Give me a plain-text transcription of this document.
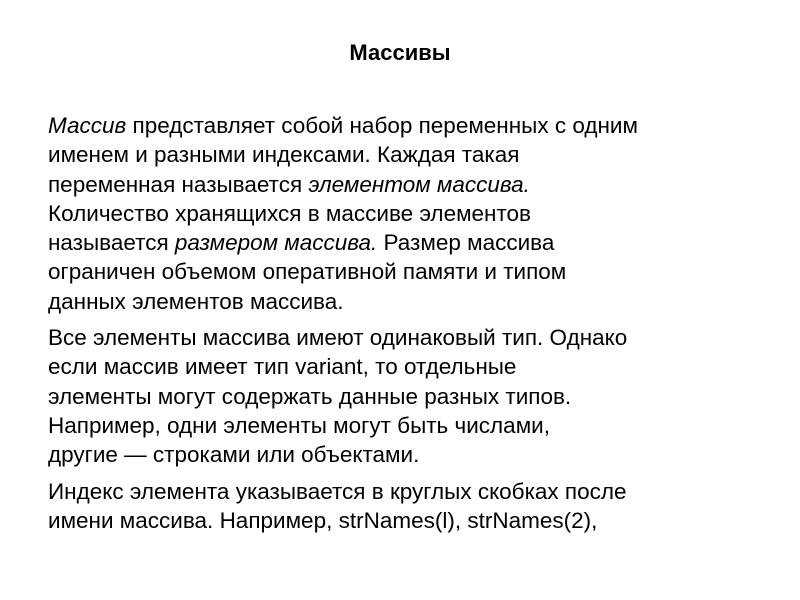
Массивы

Массив представляет собой набор переменных с одним
именем и разными индексами. Каждая такая
переменная называется элементом массива.
Количество хранящихся в массиве элементов
называется размером массива. Размер массива
ограничен объемом оперативной памяти и типом
данных элементов массива.

Все элементы массива имеют одинаковый тип. Однако
если массив имеет тип variant, то отдельные
элементы могут содержать данные разных типов.
Например, одни элементы могут быть числами,
другие — строками или объектами.

Индекс элемента указывается в круглых скобках после
имени массива. Например, strNames(l), strNames(2),
